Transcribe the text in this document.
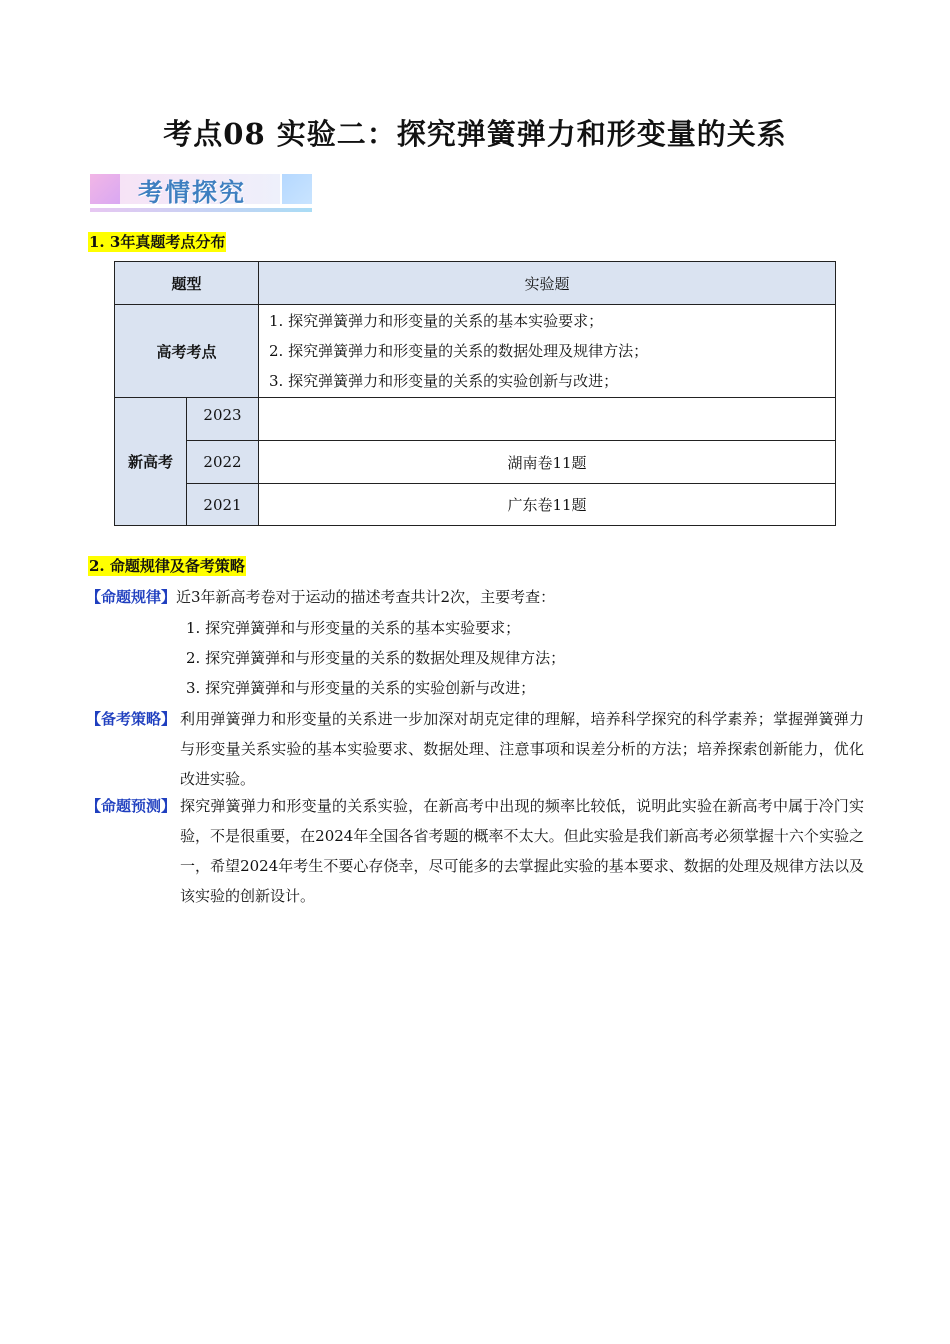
考点08 实验二：探究弹簧弹力和形变量的关系
考情探究
1. 3年真题考点分布
题型		实验题
高考考点		1. 探究弹簧弹力和形变量的关系的基本实验要求；
2. 探究弹簧弹力和形变量的关系的数据处理及规律方法；
3. 探究弹簧弹力和形变量的关系的实验创新与改进；

新高考	2023	
	2022	湖南卷11题
	2021	广东卷11题
2. 命题规律及备考策略
【命题规律】近3年新高考卷对于运动的描述考查共计2次，主要考查：
1. 探究弹簧弹和与形变量的关系的基本实验要求；
2. 探究弹簧弹和与形变量的关系的数据处理及规律方法；
3. 探究弹簧弹和与形变量的关系的实验创新与改进；
【备考策略】 利用弹簧弹力和形变量的关系进一步加深对胡克定律的理解，培养科学探究的科学素养；掌握弹簧弹力与形变量关系实验的基本实验要求、数据处理、注意事项和误差分析的方法；培养探索创新能力，优化改进实验。
【命题预测】 探究弹簧弹力和形变量的关系实验，在新高考中出现的频率比较低，说明此实验在新高考中属于冷门实验，不是很重要，在2024年全国各省考题的概率不太大。但此实验是我们新高考必须掌握十六个实验之一，希望2024年考生不要心存侥幸，尽可能多的去掌握此实验的基本要求、数据的处理及规律方法以及该实验的创新设计。
